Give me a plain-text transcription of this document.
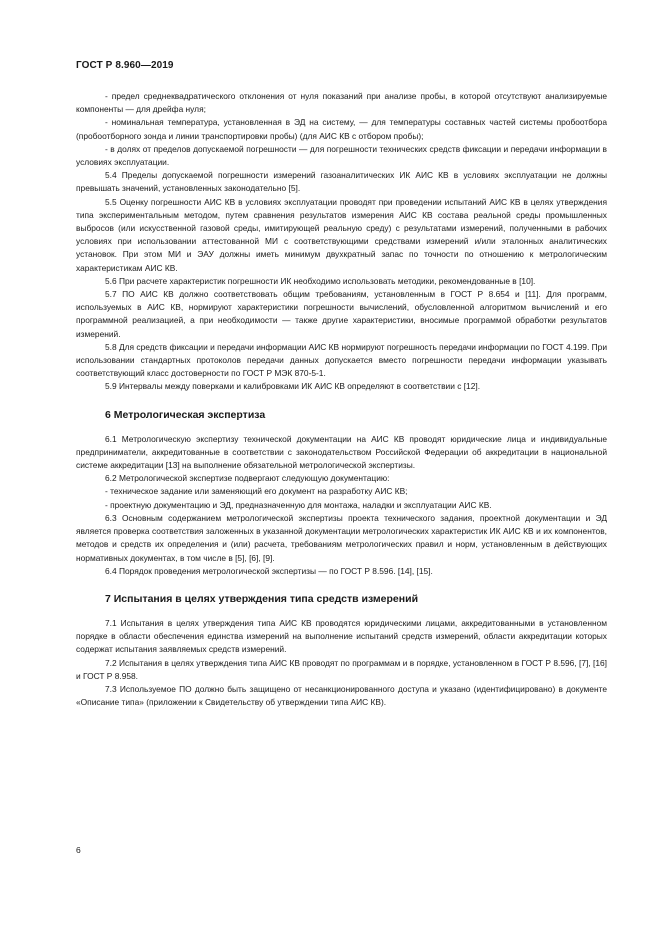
ГОСТ Р 8.960—2019

- предел среднеквадратического отклонения от нуля показаний при анализе пробы, в которой отсутствуют анализируемые компоненты — для дрейфа нуля;

- номинальная температура, установленная в ЭД на систему, — для температуры составных частей системы пробоотбора (пробоотборного зонда и линии транспортировки пробы) (для АИС КВ с отбором пробы);

- в долях от пределов допускаемой погрешности — для погрешности технических средств фиксации и передачи информации в условиях эксплуатации.

5.4 Пределы допускаемой погрешности измерений газоаналитических ИК АИС КВ в условиях эксплуатации не должны превышать значений, установленных законодательно [5].

5.5 Оценку погрешности АИС КВ в условиях эксплуатации проводят при проведении испытаний АИС КВ в целях утверждения типа экспериментальным методом, путем сравнения результатов измерения АИС КВ состава реальной среды промышленных выбросов (или искусственной газовой среды, имитирующей реальную среду) с результатами измерений, полученными в рабочих условиях при использовании аттестованной МИ с соответствующими средствами измерений и/или эталонных аналитических установок. При этом МИ и ЭАУ должны иметь минимум двухкратный запас по точности по отношению к метрологическим характеристикам АИС КВ.

5.6 При расчете характеристик погрешности ИК необходимо использовать методики, рекомендованные в [10].

5.7 ПО АИС КВ должно соответствовать общим требованиям, установленным в ГОСТ Р 8.654 и [11]. Для программ, используемых в АИС КВ, нормируют характеристики погрешности вычислений, обусловленной алгоритмом вычислений и его программной реализацией, а при необходимости — также другие характеристики, вносимые программой обработки результатов измерений.

5.8 Для средств фиксации и передачи информации АИС КВ нормируют погрешность передачи информации по ГОСТ 4.199. При использовании стандартных протоколов передачи данных допускается вместо погрешности передачи информации указывать соответствующий класс достоверности по ГОСТ Р МЭК 870-5-1.

5.9 Интервалы между поверками и калибровками ИК АИС КВ определяют в соответствии с [12].

6 Метрологическая экспертиза

6.1 Метрологическую экспертизу технической документации на АИС КВ проводят юридические лица и индивидуальные предприниматели, аккредитованные в соответствии с законодательством Российской Федерации об аккредитации в национальной системе аккредитации [13] на выполнение обязательной метрологической экспертизы.

6.2 Метрологической экспертизе подвергают следующую документацию:

- техническое задание или заменяющий его документ на разработку АИС КВ;

- проектную документацию и ЭД, предназначенную для монтажа, наладки и эксплуатации АИС КВ.

6.3 Основным содержанием метрологической экспертизы проекта технического задания, проектной документации и ЭД является проверка соответствия заложенных в указанной документации метрологических характеристик ИК АИС КВ и их компонентов, методов и средств их определения и (или) расчета, требованиям метрологических правил и норм, установленным в действующих нормативных документах, в том числе в [5], [6], [9].

6.4 Порядок проведения метрологической экспертизы — по ГОСТ Р 8.596. [14], [15].

7 Испытания в целях утверждения типа средств измерений

7.1 Испытания в целях утверждения типа АИС КВ проводятся юридическими лицами, аккредитованными в установленном порядке в области обеспечения единства измерений на выполнение испытаний средств измерений, области аккредитации которых содержат испытания заявляемых средств измерений.

7.2 Испытания в целях утверждения типа АИС КВ проводят по программам и в порядке, установленном в ГОСТ Р 8.596, [7], [16] и ГОСТ Р 8.958.

7.3 Используемое ПО должно быть защищено от несанкционированного доступа и указано (идентифицировано) в документе «Описание типа» (приложении к Свидетельству об утверждении типа АИС КВ).

6
